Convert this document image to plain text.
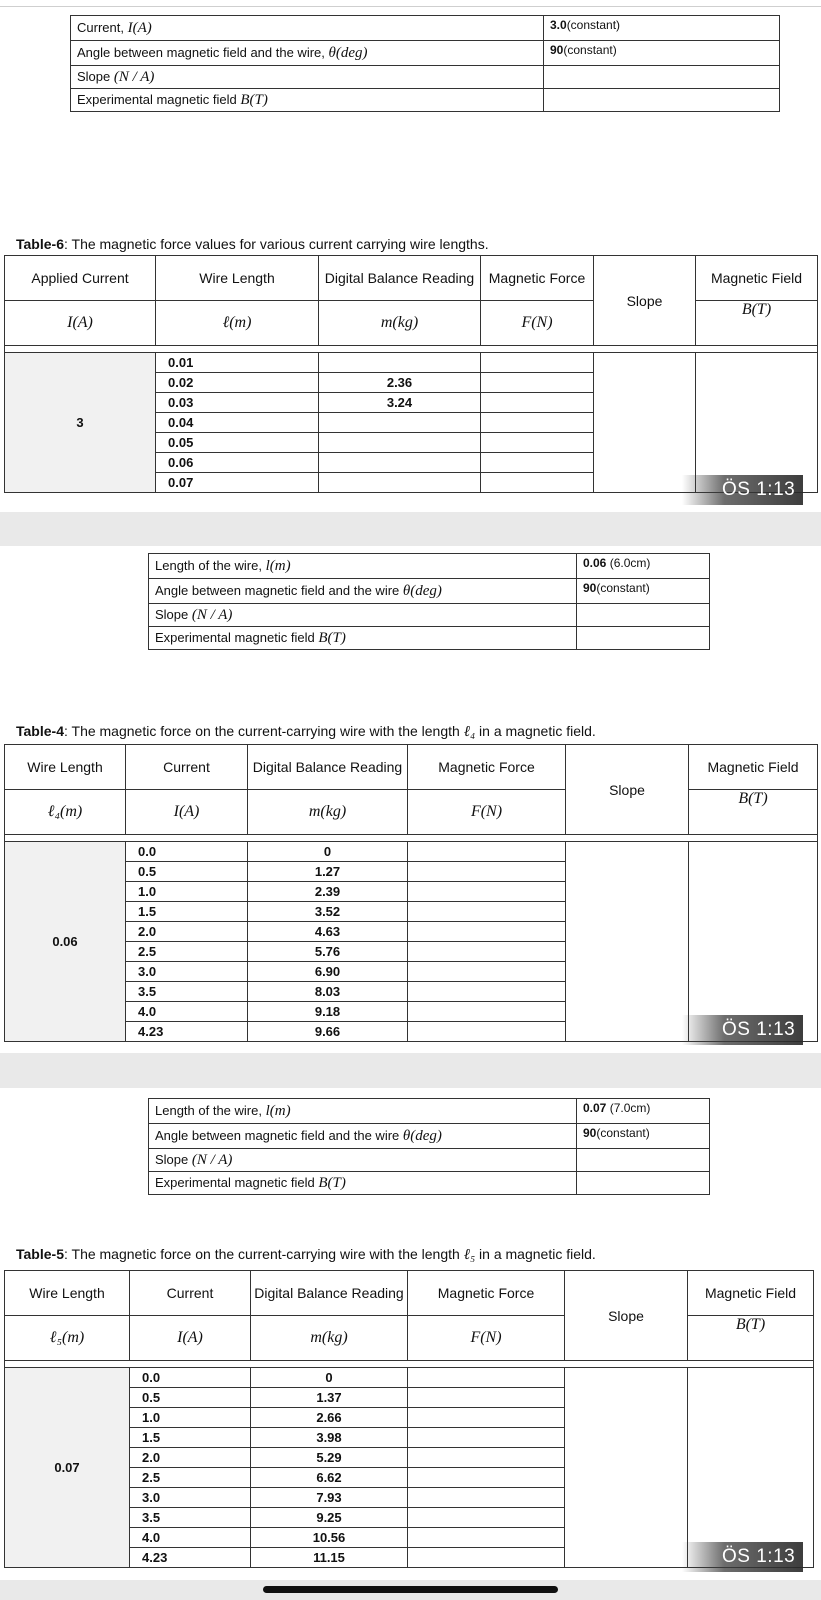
Current, I(A)	3.0(constant)
Angle between magnetic field and the wire, θ(deg)	90(constant)
Slope (N / A)	
Experimental magnetic field B(T)	
Table-6: The magnetic force values for various current carrying wire lengths.
Applied Current	Wire Length	Digital Balance Reading	Magnetic Force	Slope	Magnetic Field
I(A)	ℓ(m)	m(kg)	F(N)		B(T)

3	0.01				
	0.02	2.36			
	0.03	3.24			
	0.04				
	0.05				
	0.06				
	0.07					ÖS 1:13
Length of the wire, l(m)	0.06 (6.0cm)
Angle between magnetic field and the wire θ(deg)	90(constant)
Slope (N / A)	
Experimental magnetic field B(T)	
Table-4: The magnetic force on the current-carrying wire with the length ℓ₄ in a magnetic field.
Wire Length	Current	Digital Balance Reading	Magnetic Force	Slope	Magnetic Field
ℓ₄(m)	I(A)	m(kg)	F(N)		B(T)

0.06	0.0	0			
	0.5	1.27			
	1.0	2.39			
	1.5	3.52			
	2.0	4.63			
	2.5	5.76			
	3.0	6.90			
	3.5	8.03			
	4.0	9.18			
	4.23	9.66				ÖS 1:13
Length of the wire, l(m)	0.07 (7.0cm)
Angle between magnetic field and the wire θ(deg)	90(constant)
Slope (N / A)	
Experimental magnetic field B(T)	
Table-5: The magnetic force on the current-carrying wire with the length ℓ₅ in a magnetic field.
Wire Length	Current	Digital Balance Reading	Magnetic Force	Slope	Magnetic Field
ℓ₅(m)	I(A)	m(kg)	F(N)		B(T)

0.07	0.0	0			
	0.5	1.37			
	1.0	2.66			
	1.5	3.98			
	2.0	5.29			
	2.5	6.62			
	3.0	7.93			
	3.5	9.25			
	4.0	10.56			
	4.23	11.15				ÖS 1:13
